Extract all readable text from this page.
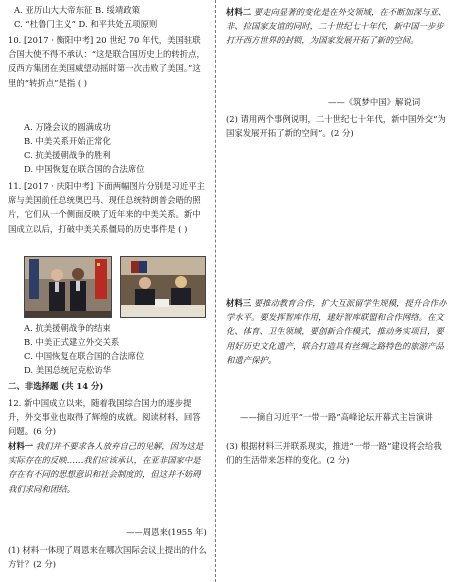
A. 亚历山大大帝东征 B. 绥靖政策
C. “杜鲁门主义” D. 和平共处五项原则
10. [2017 · 衡阳中考] 20 世纪 70 年代，美国驻联合国大使不得不承认：“这是联合国历史上的转折点，反西方集团在美国威望动摇时第一次击败了美国。”这里的“转折点”是指 ( )
A. 万隆会议的圆满成功
B. 中美关系开始正常化
C. 抗美援朝战争的胜利
D. 中国恢复在联合国的合法席位
11. [2017 · 庆阳中考] 下面两幅图片分别是习近平主席与美国前任总统奥巴马、现任总统特朗普会晤的照片，它们从一个侧面反映了近年来的中美关系。新中国成立以后，打破中美关系僵局的历史事件是 ( )
A. 抗美援朝战争的结束
B. 中美正式建立外交关系
C. 中国恢复在联合国的合法席位
D. 美国总统尼克松访华
二、非选择题 (共 14 分)
12. 新中国成立以来，随着我国综合国力的逐步提升，外交事业也取得了辉煌的成就。阅读材料，回答问题。(6 分)
材料一 我们并不要求各人放弃自己的见解，因为这是实际存在的反映……我们应该承认，在亚非国家中是存在有不同的思想意识和社会制度的，但这并不妨碍我们求同和团结。
——周恩来(1955 年)
(1) 材料一体现了周恩来在哪次国际会议上提出的什么方针？(2 分)
材料二 要走向显著的变化是在外交领域，在不断加深与亚、非、拉国家友谊的同时，二十世纪七十年代，新中国一步步打开西方世界的封锁，为国家发展开拓了新的空间。
——《筑梦中国》解说词
(2) 请用两个事例说明，二十世纪七十年代，新中国外交“为国家发展开拓了新的空间”。(2 分)
材料三 要推动教育合作，扩大互派留学生规模，提升合作办学水平。要发挥智库作用，建好智库联盟和合作网络。在文化、体育、卫生领域，要创新合作模式，推动务实项目，要用好历史文化遗产，联合打造具有丝绸之路特色的旅游产品和遗产保护。
——摘自习近平“一带一路”高峰论坛开幕式主旨演讲
(3) 根据材料三并联系现实，推进“一带一路”建设将会给我们的生活带来怎样的变化。(2 分)
